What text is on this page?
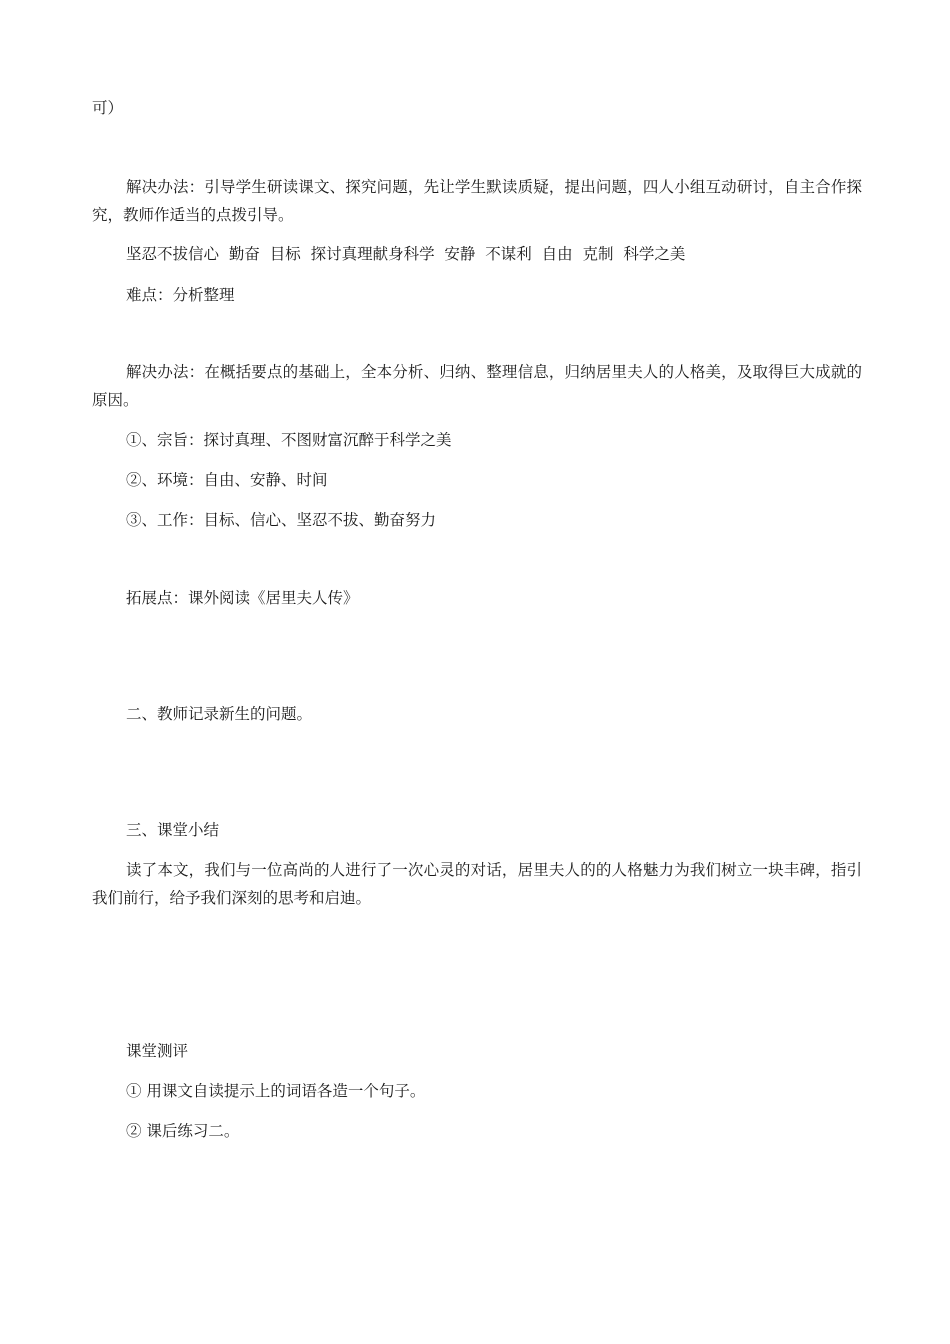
可）
解决办法：引导学生研读课文、探究问题，先让学生默读质疑，提出问题，四人小组互动研讨，自主合作探究，教师作适当的点拨引导。
坚忍不拔信心  勤奋  目标  探讨真理献身科学  安静  不谋利  自由  克制  科学之美
难点：分析整理
解决办法：在概括要点的基础上，全本分析、归纳、整理信息，归纳居里夫人的人格美，及取得巨大成就的原因。
①、宗旨：探讨真理、不图财富沉醉于科学之美
②、环境：自由、安静、时间
③、工作：目标、信心、坚忍不拔、勤奋努力
拓展点：课外阅读《居里夫人传》
二、教师记录新生的问题。
三、课堂小结
读了本文，我们与一位高尚的人进行了一次心灵的对话，居里夫人的的人格魅力为我们树立一块丰碑，指引我们前行，给予我们深刻的思考和启迪。
课堂测评
① 用课文自读提示上的词语各造一个句子。
② 课后练习二。
